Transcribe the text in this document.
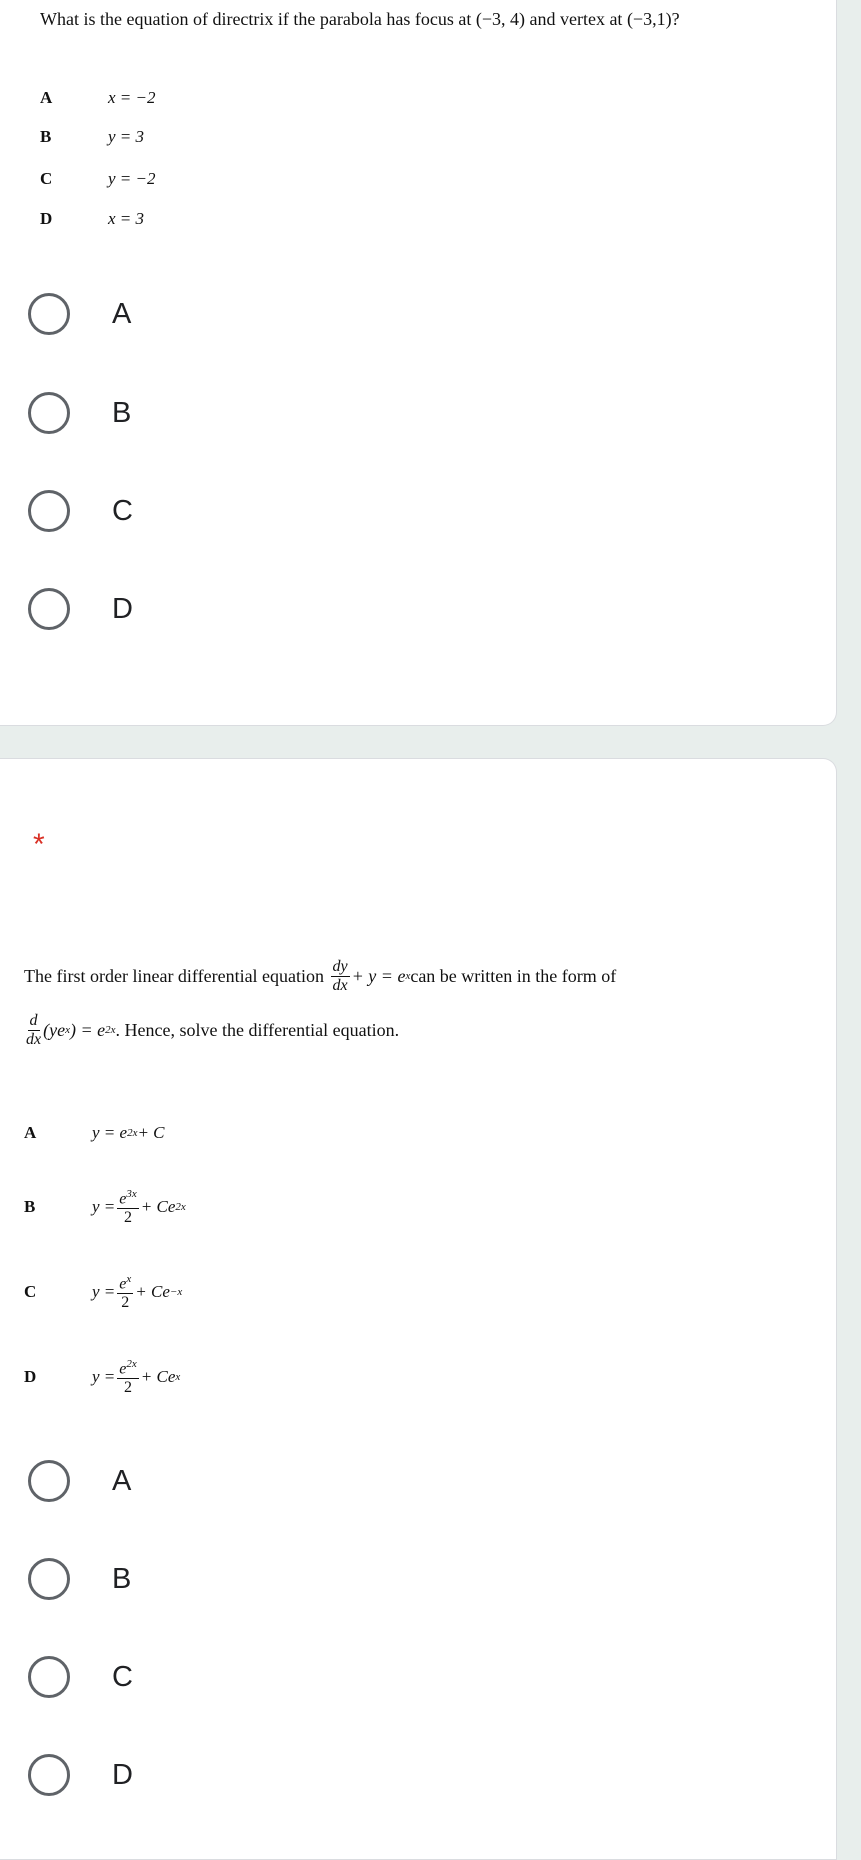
What is the equation of directrix if the parabola has focus at (−3, 4) and vertex at (−3,1)?
A	x = −2
B	y = 3
C	y = −2
D	x = 3
A
B
C
D
*
The first order linear differential equation
$\frac{dy}{dx} + y = e$ x can be written in the form of
$\frac{d}{dx} (ye$ x ) = e 2x . Hence, solve the differential equation.
A	y = e 2x + C
B	$y = \frac{e^{3x}}{2} + Ce$ 2x
C	$y = \frac{e^x}{2} + Ce -x$
D	$y = \frac{e^{2x}}{2} + Ce$ x
A
B
C
D
